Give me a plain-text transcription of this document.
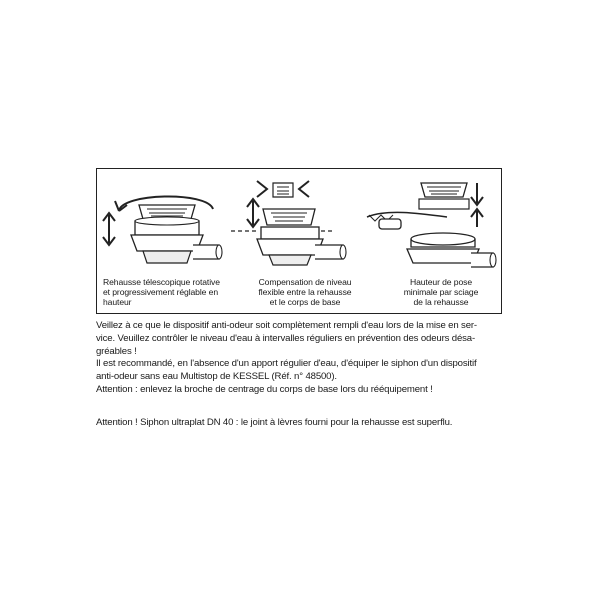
Rehausse télescopique rotative
et progressivement réglable en
hauteur
Compensation de niveau
flexible entre la rehausse
et le corps de base
Hauteur de pose
minimale par sciage
de la rehausse

Veillez à ce que le dispositif anti-odeur soit complètement rempli d'eau lors de la mise en ser-

vice. Veuillez contrôler le niveau d'eau à intervalles réguliers en prévention des odeurs désa-

gréables !

Il est recommandé, en l'absence d'un apport régulier d'eau, d'équiper le siphon d'un dispositif

anti-odeur sans eau Multistop de KESSEL (Réf. n° 48500).

Attention : enlevez la broche de centrage du corps de base lors du rééquipement !

Attention ! Siphon ultraplat DN 40 : le joint à lèvres fourni pour la rehausse est superflu.
